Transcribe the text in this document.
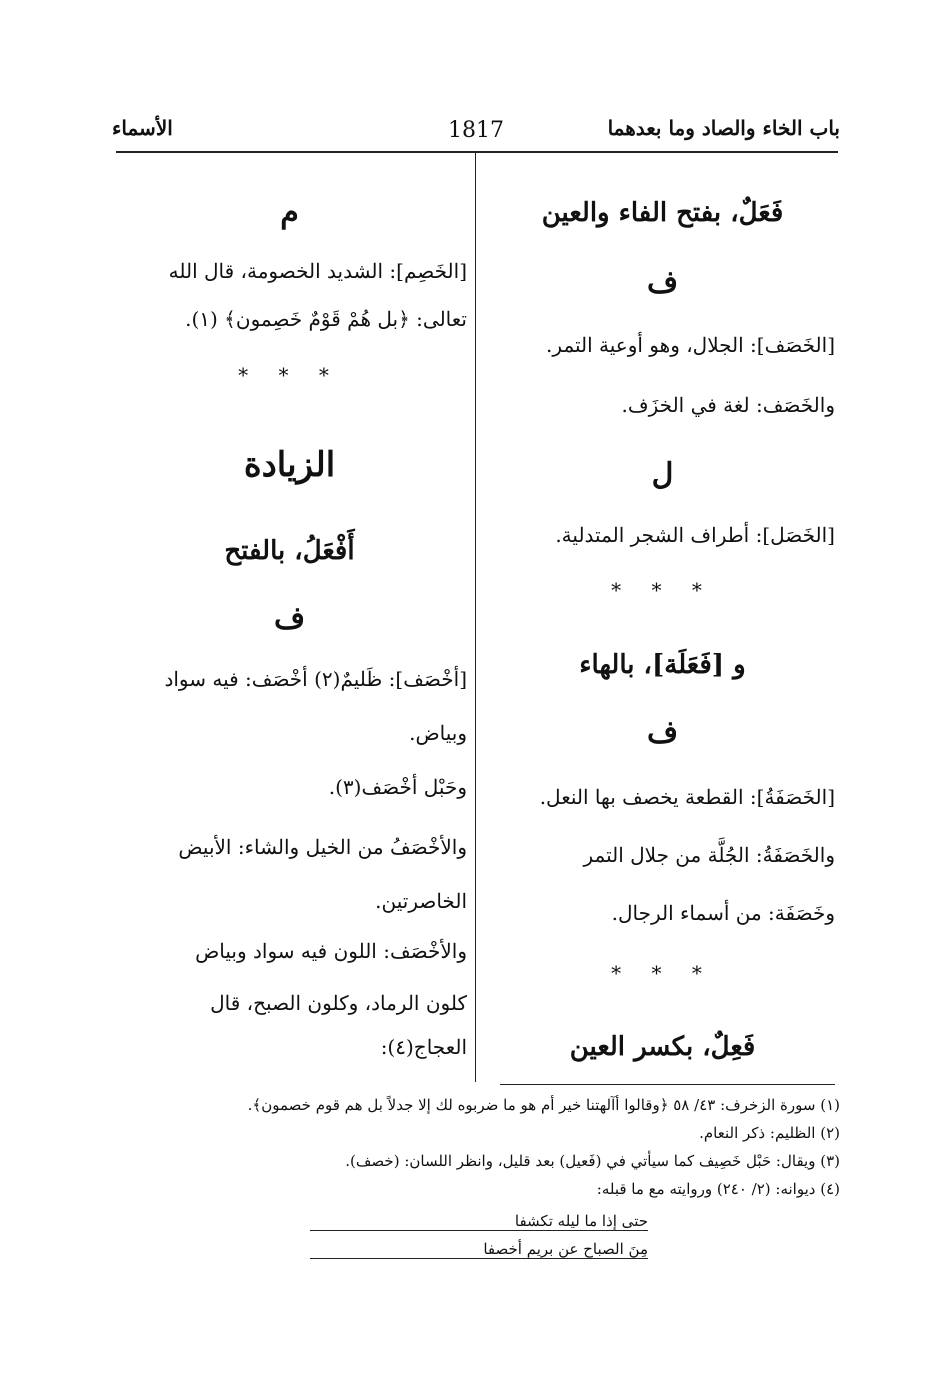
باب الخاء والصاد وما بعدهما
1817
الأسماء
فَعَلٌ، بفتح الفاء والعين
ف
[الخَصَف]: الجلال، وهو أوعية التمر.
والخَصَف: لغة في الخزَف.
ل
[الخَصَل]: أطراف الشجر المتدلية.
* * *
و [فَعَلَة]، بالهاء
ف
[الخَصَفَةُ]: القطعة يخصف بها النعل.
والخَصَفَةُ: الجُلَّة من جلال التمر
وخَصَفَة: من أسماء الرجال.
* * *
فَعِلٌ، بكسر العين
م
[الخَصِم]: الشديد الخصومة، قال الله
تعالى: ﴿بل هُمْ قَوْمٌ خَصِمون﴾ (١).
* * *
الزيادة
أَفْعَلُ، بالفتح
ف
[أخْصَف]: ظَليمٌ(٢) أخْصَف: فيه سواد
وبياض.
وحَبْل أخْصَف(٣).
والأخْصَفُ من الخيل والشاء: الأبيض
الخاصرتين.
والأخْصَف: اللون فيه سواد وبياض
كلون الرماد، وكلون الصبح، قال
العجاج(٤):
(١) سورة الزخرف: ٤٣/ ٥٨ ﴿وقالوا أآلهتنا خير أم هو ما ضربوه لك إلا جدلاً بل هم قوم خصمون﴾.
(٢) الظليم: ذكر النعام.
(٣) ويقال: حَبْل خَصِيف كما سيأتي في (فَعيل) بعد قليل، وانظر اللسان: (خصف).
(٤) ديوانه: (٢/ ٢٤٠) وروايته مع ما قبله:
حتى إذا ما ليله تكشفا
مِنَ الصباح عن بريم أخصفا
